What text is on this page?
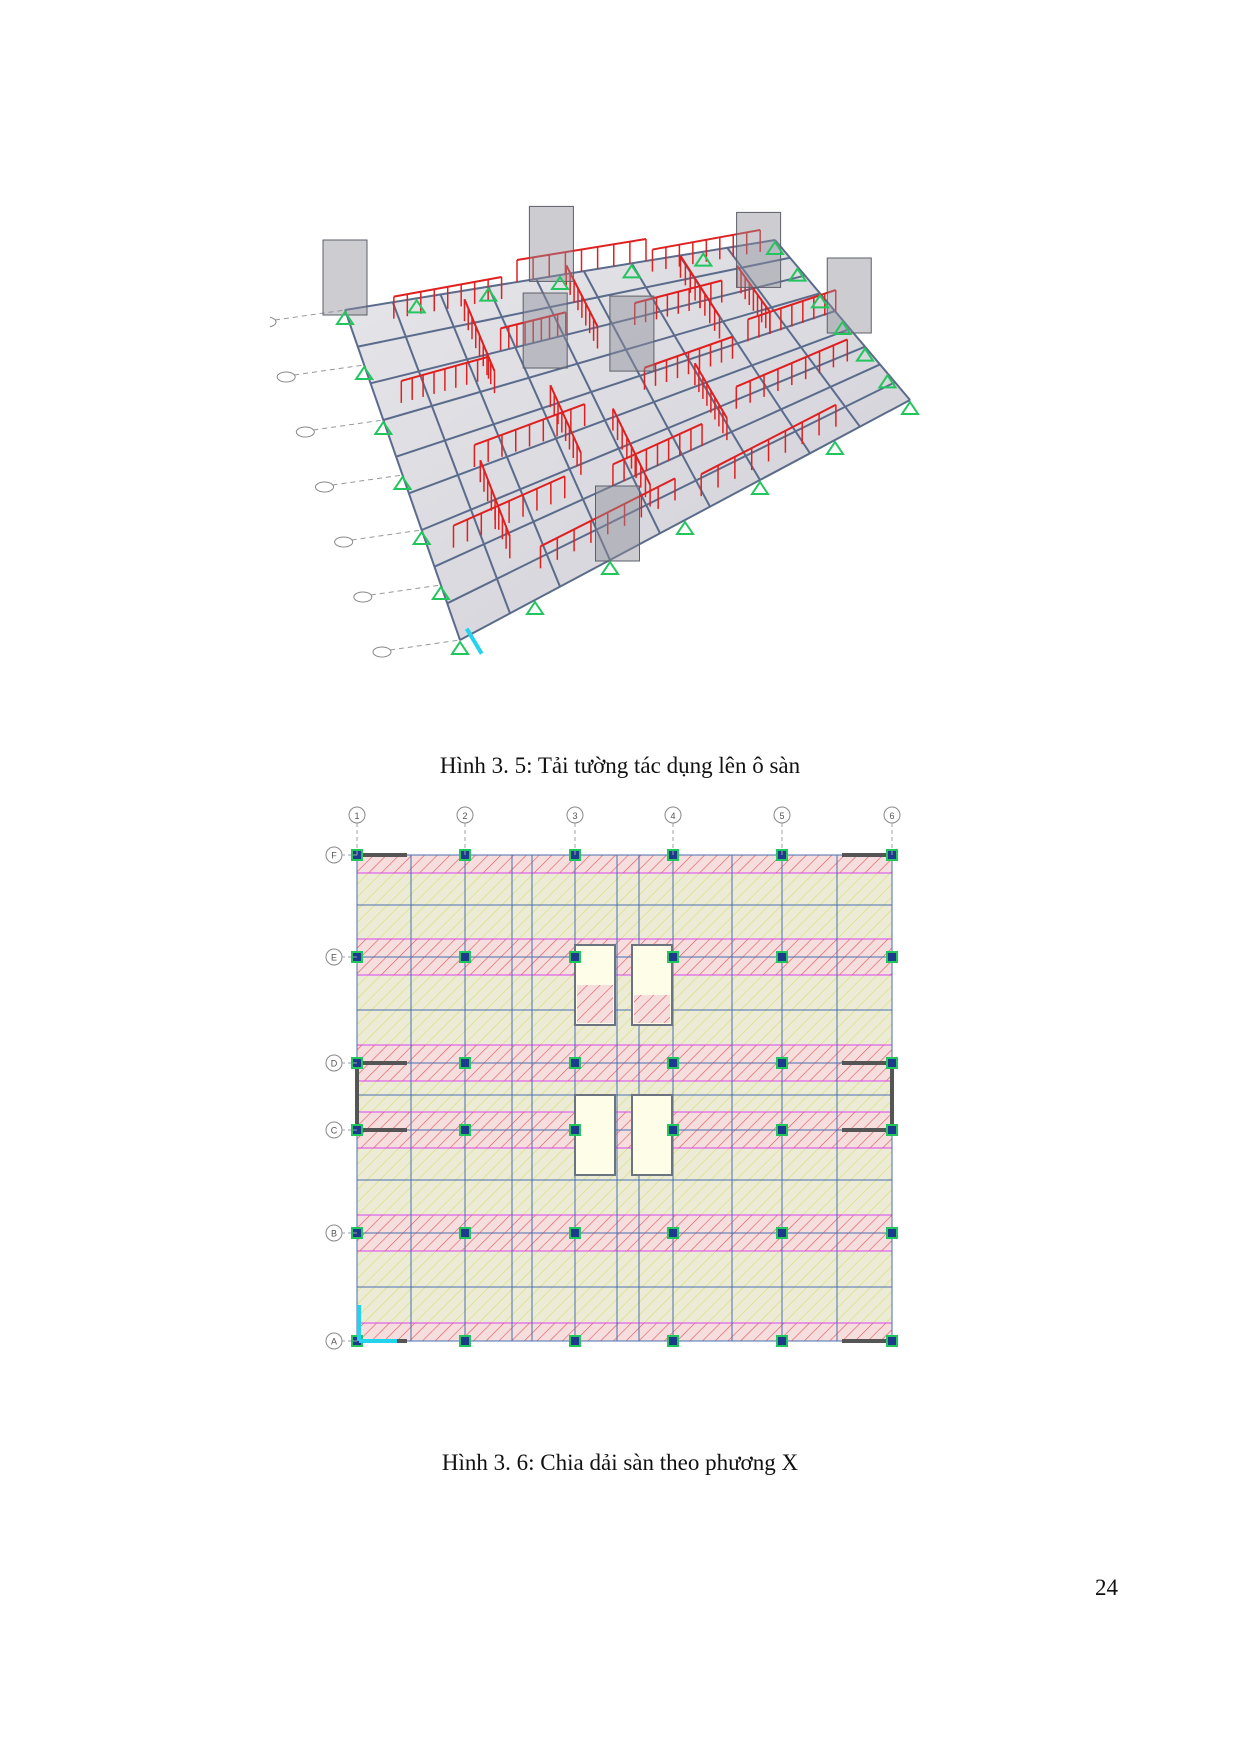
Hình 3. 5: Tải tường tác dụng lên ô sàn
1	2	3	4	5	6
F
E
D
C
B
A
Hình 3. 6: Chia dải sàn theo phương X
24
